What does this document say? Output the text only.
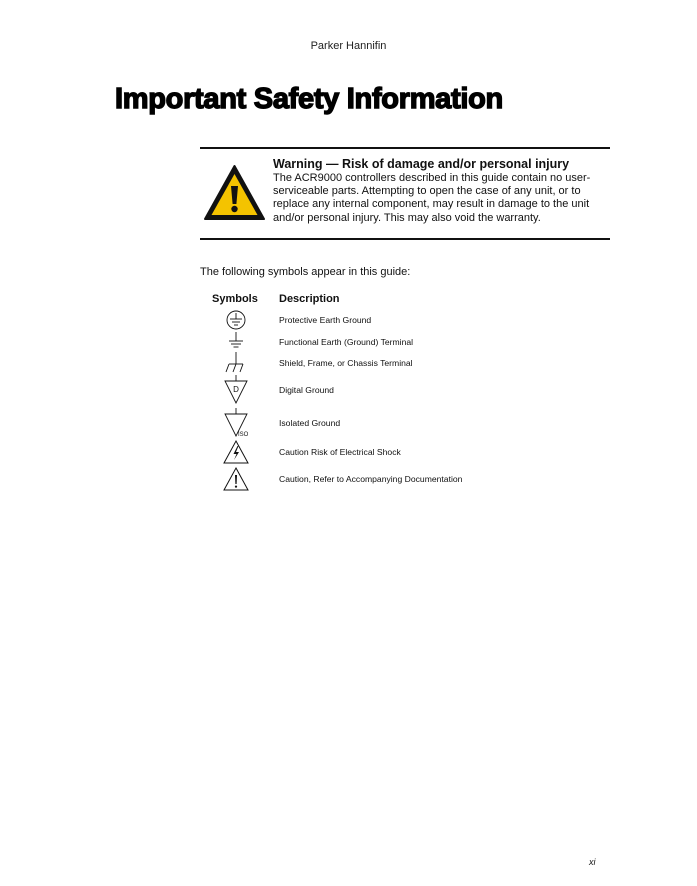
Parker Hannifin
Important Safety Information
Warning — Risk of damage and/or personal injury
The ACR9000 controllers described in this guide contain no user-serviceable parts. Attempting to open the case of any unit, or to replace any internal component, may result in damage to the unit and/or personal injury. This may also void the warranty.
The following symbols appear in this guide:
Symbols Description
Protective Earth Ground
Functional Earth (Ground) Terminal
Shield, Frame, or Chassis Terminal
D	Digital Ground
ISO
Isolated Ground
Caution Risk of Electrical Shock
Caution, Refer to Accompanying Documentation
xi
